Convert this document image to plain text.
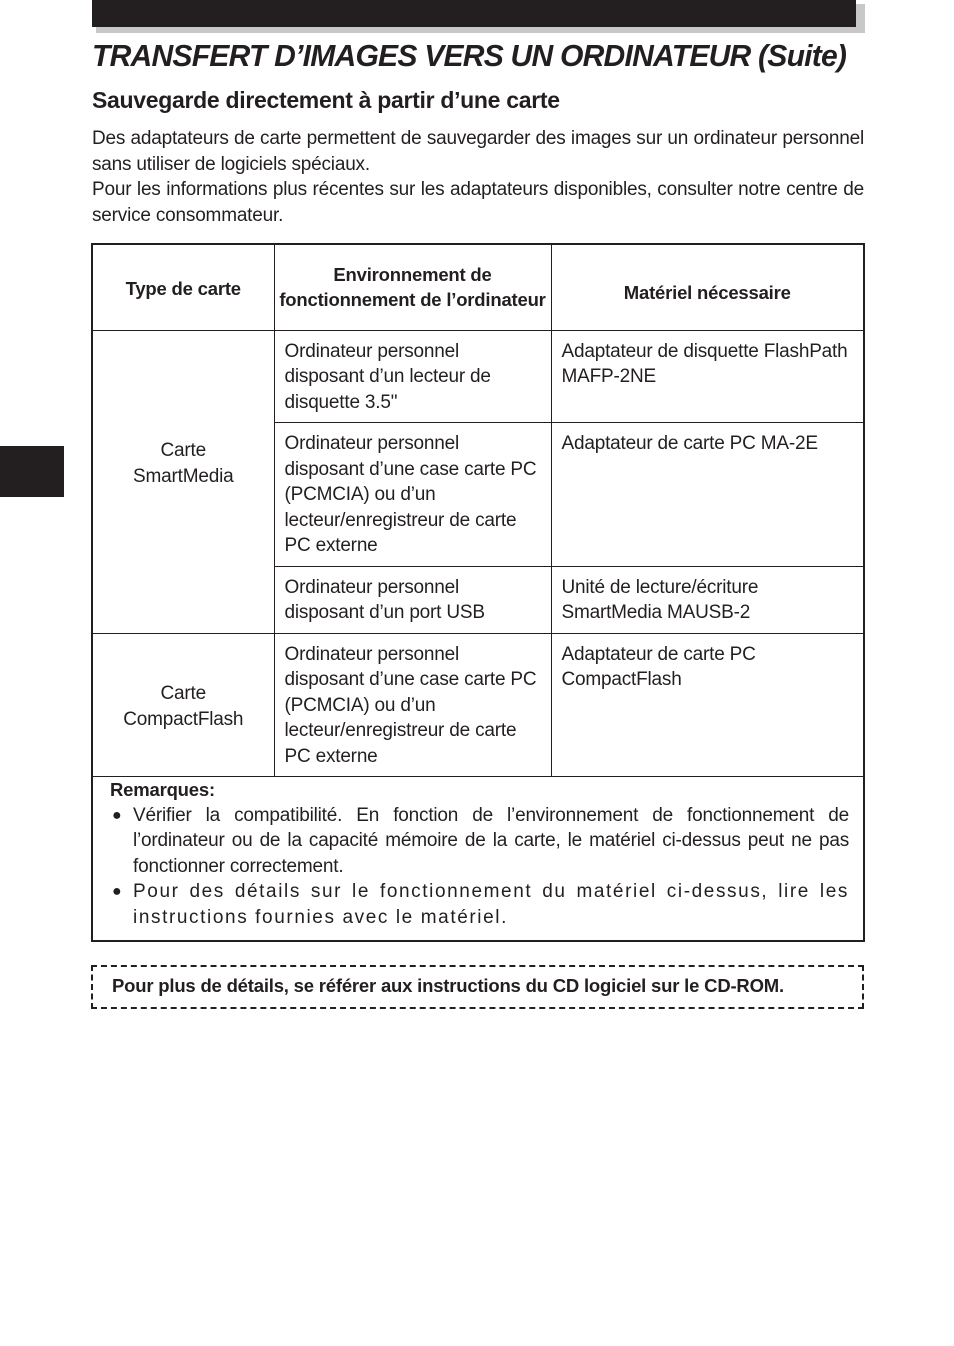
TRANSFERT D’IMAGES VERS UN ORDINATEUR (Suite)
Sauvegarde directement à partir d’une carte

Des adaptateurs de carte permettent de sauvegarder des images sur un ordinateur personnel sans utiliser de logiciels spéciaux.

Pour les informations plus récentes sur les adaptateurs disponibles, consulter notre centre de service consommateur.

Type de carte	Environnement de fonctionnement de l’ordinateur	Matériel nécessaire

Carte SmartMedia	Ordinateur personnel disposant d’un lecteur de disquette 3.5"	Adaptateur de disquette FlashPath MAFP-2NE
	Ordinateur personnel disposant d’une case carte PC (PCMCIA) ou d’un lecteur/enregistreur de carte PC externe	Adaptateur de carte PC MA-2E
	Ordinateur personnel disposant d’un port USB	Unité de lecture/écriture SmartMedia MAUSB-2

Carte CompactFlash	Ordinateur personnel disposant d’une case carte PC (PCMCIA) ou d’un lecteur/enregistreur de carte PC externe	Adaptateur de carte PC CompactFlash

Remarques:

● Vérifier la compatibilité. En fonction de l’environnement de fonctionnement de l’ordinateur ou de la capacité mémoire de la carte, le matériel ci-dessus peut ne pas fonctionner correctement.
● Pour des détails sur le fonctionnement du matériel ci-dessus, lire les instructions fournies avec le matériel.
Pour plus de détails, se référer aux instructions du CD logiciel sur le CD-ROM.
